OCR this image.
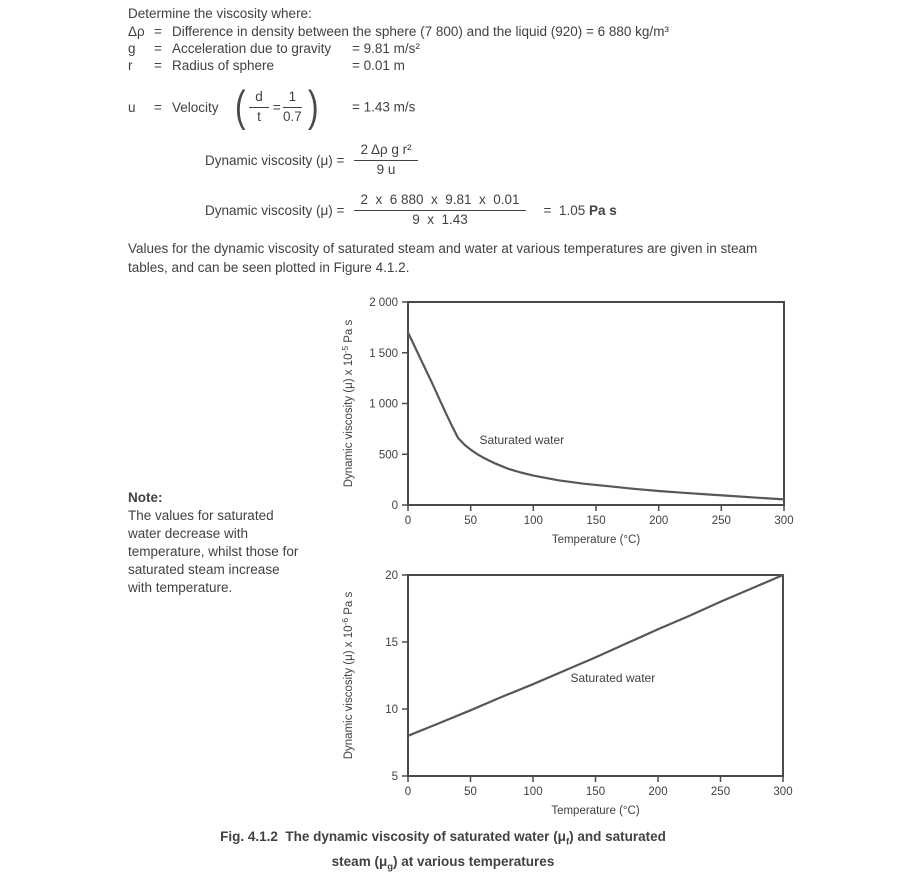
Determine the viscosity where:
Δρ = Difference in density between the sphere (7 800) and the liquid (920) = 6 880 kg/m³
g	= Acceleration due to gravity = 9.81 m/s²
r	= Radius of sphere	= 0.01 m
u	= Velocity ( $\frac{d}{t} = \frac{1}{0.7}$ ) = 1.43 m/s
Dynamic viscosity $(\mu) = \frac{\text{2 Δρ g r²}}{9 u}$
Dynamic viscosity $(\mu) = \frac{2 x 6 880 x 9.81 x 0.01}{9 x 1.43} = 1.05$ Pa s
Values for the dynamic viscosity of saturated steam and water at various temperatures are given in steam tables, and can be seen plotted in Figure 4.1.2.
Note:
The values for saturated water decrease with temperature, whilst those for saturated steam increase with temperature.
0
500
1 000
1 500
2 000
0	50	100	150	200	250	300
Temperature (°C)
Dynamic viscosity (μ) x $10^{-5}$ Pa s
Saturated water
5
10
15
20
0	50	100	150	200	250	300
Temperature (°C)
Dynamic viscosity (μ) x $10^{-6}$ Pa s
Saturated water
Fig. 4.1.2  The dynamic viscosity of saturated water $(\mu_f)$ and saturated
steam $(\mu_g)$ at various temperatures
